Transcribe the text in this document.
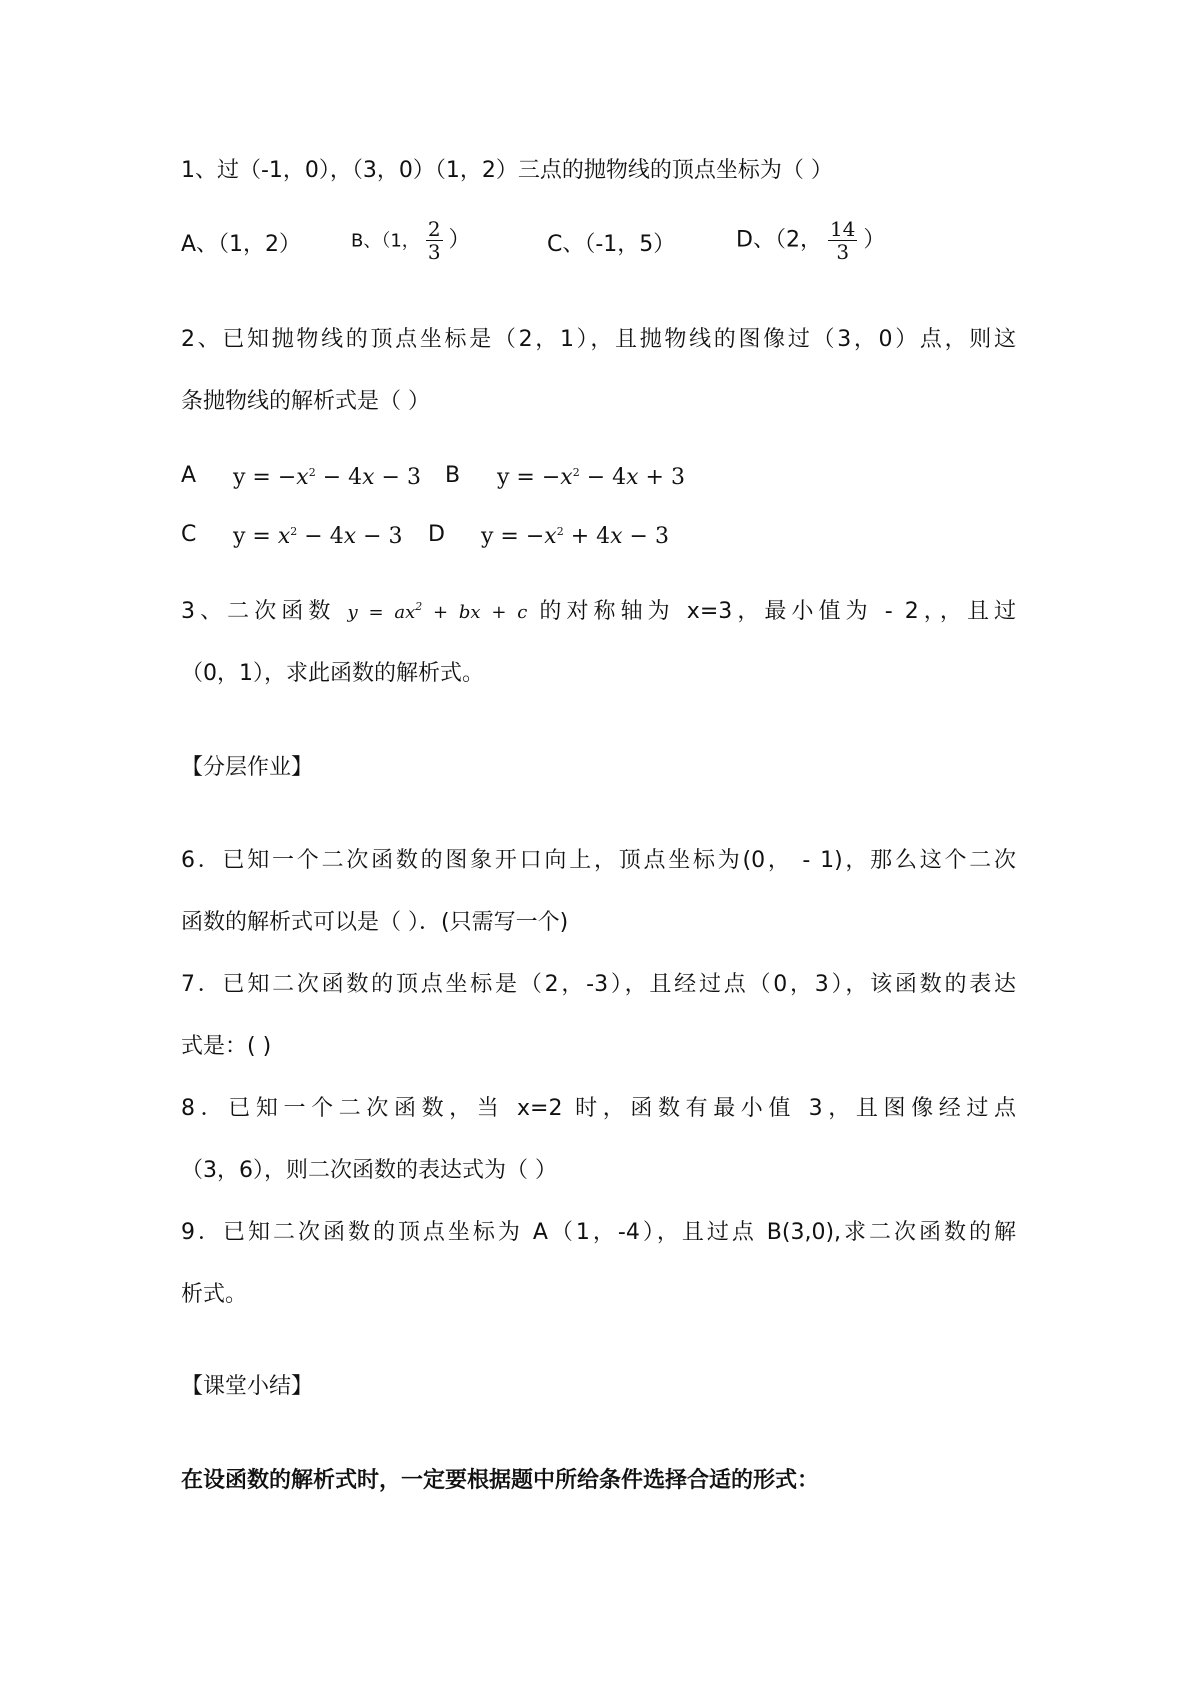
1、过（-1，0），（3，0）（1，2）三点的抛物线的顶点坐标为（ ）
A、（1，2）	B、（1， $\frac{2}{3}$ ）	C、（-1，5）	D、（2， $\frac{14}{3}$ ）
2、已知抛物线的顶点坐标是（2，1），且抛物线的图像过（3，0）点，则这
条抛物线的解析式是（ ）
A $y = -x^2 - 4x - 3$ B $y = -x^2 - 4x + 3$
C $y = x^2 - 4x - 3$ D $y = -x^2 + 4x - 3$
3、二次函数 $y = ax^2$ + bx + c 的对称轴为 x=3，最小值为 - 2，，且过
（0，1），求此函数的解析式。
【分层作业】
6．已知一个二次函数的图象开口向上，顶点坐标为(0， - 1)，那么这个二次
函数的解析式可以是（ ）．(只需写一个)
7．已知二次函数的顶点坐标是（2，-3），且经过点（0，3），该函数的表达
式是：( )
8．已知一个二次函数，当 x=2 时，函数有最小值 3，且图像经过点
（3，6），则二次函数的表达式为（ ）
9．已知二次函数的顶点坐标为 A（1，-4），且过点 B(3,0),求二次函数的解
析式。
【课堂小结】
在设函数的解析式时，一定要根据题中所给条件选择合适的形式：
